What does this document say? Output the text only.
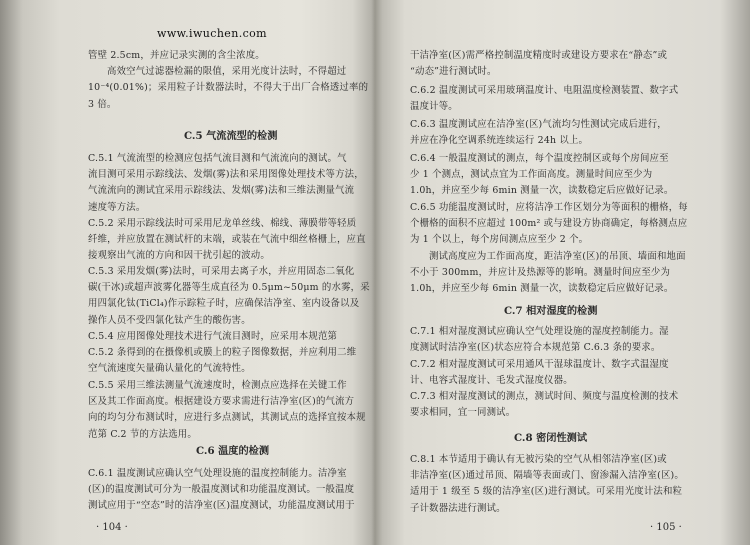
www.iwuchen.com
管壁 2.5cm，并应记录实测的含尘浓度。
高效空气过滤器检漏的限值，采用光度计法时，不得超过
10⁻⁴(0.01%)；采用粒子计数器法时，不得大于出厂合格透过率的
3 倍。
C.5 气流流型的检测
C.5.1 气流流型的检测应包括气流目测和气流流向的测试。气
流目测可采用示踪线法、发烟(雾)法和采用图像处理技术等方法，
气流流向的测试宜采用示踪线法、发烟(雾)法和三维法测量气流
速度等方法。
C.5.2 采用示踪线法时可采用尼龙单丝线、棉线、薄膜带等轻质
纤维，并应放置在测试杆的末端，或装在气流中细丝格栅上，应直
接观察出气流的方向和因干扰引起的波动。
C.5.3 采用发烟(雾)法时，可采用去离子水，并应用固态二氧化
碳(干冰)或超声波雾化器等生成直径为 0.5μm~50μm 的水雾，采
用四氯化钛(TiCl₄)作示踪粒子时，应确保洁净室、室内设备以及
操作人员不受四氯化钛产生的酸伤害。
C.5.4 应用图像处理技术进行气流目测时，应采用本规范第
C.5.2 条得到的在摄像机或膜上的粒子图像数据，并应利用二维
空气流速度矢量确认量化的气流特性。
C.5.5 采用三维法测量气流速度时，检测点应选择在关键工作
区及其工作面高度。根据建设方要求需进行洁净室(区)的气流方
向的均匀分布测试时，应进行多点测试，其测试点的选择宜按本规
范第 C.2 节的方法选用。
C.6 温度的检测
C.6.1 温度测试应确认空气处理设施的温度控制能力。洁净室
(区)的温度测试可分为一般温度测试和功能温度测试。一般温度
测试应用于“空态”时的洁净室(区)温度测试，功能温度测试用于
· 104 ·
干洁净室(区)需严格控制温度精度时或建设方要求在“静态”或
“动态”进行测试时。
C.6.2 温度测试可采用玻璃温度计、电阻温度检测装置、数字式
温度计等。
C.6.3 温度测试应在洁净室(区)气流均匀性测试完成后进行，
并应在净化空调系统连续运行 24h 以上。
C.6.4 一般温度测试的测点，每个温度控制区或每个房间应至
少 1 个测点，测试点宜为工作面高度。测量时间应至少为
1.0h，并应至少每 6min 测量一次，读数稳定后应做好记录。
C.6.5 功能温度测试时，应将洁净工作区划分为等面积的栅格，每
个栅格的面积不应超过 100m² 或与建设方协商确定，每格测点应
为 1 个以上，每个房间测点应至少 2 个。
测试高度应为工作面高度，距洁净室(区)的吊顶、墙面和地面
不小于 300mm，并应计及热源等的影响。测量时间应至少为
1.0h，并应至少每 6min 测量一次，读数稳定后应做好记录。
C.7 相对湿度的检测
C.7.1 相对湿度测试应确认空气处理设施的湿度控制能力。湿
度测试时洁净室(区)状态应符合本规范第 C.6.3 条的要求。
C.7.2 相对湿度测试可采用通风干湿球温度计、数字式温湿度
计、电容式湿度计、毛发式湿度仪器。
C.7.3 相对湿度测试的测点，测试时间、频度与温度检测的技术
要求相同，宜一同测试。
C.8 密闭性测试
C.8.1 本节适用于确认有无被污染的空气从相邻洁净室(区)或
非洁净室(区)通过吊顶、隔墙等表面或门、窗渗漏入洁净室(区)。
适用于 1 级至 5 级的洁净室(区)进行测试。可采用光度计法和粒
子计数器法进行测试。
· 105 ·
